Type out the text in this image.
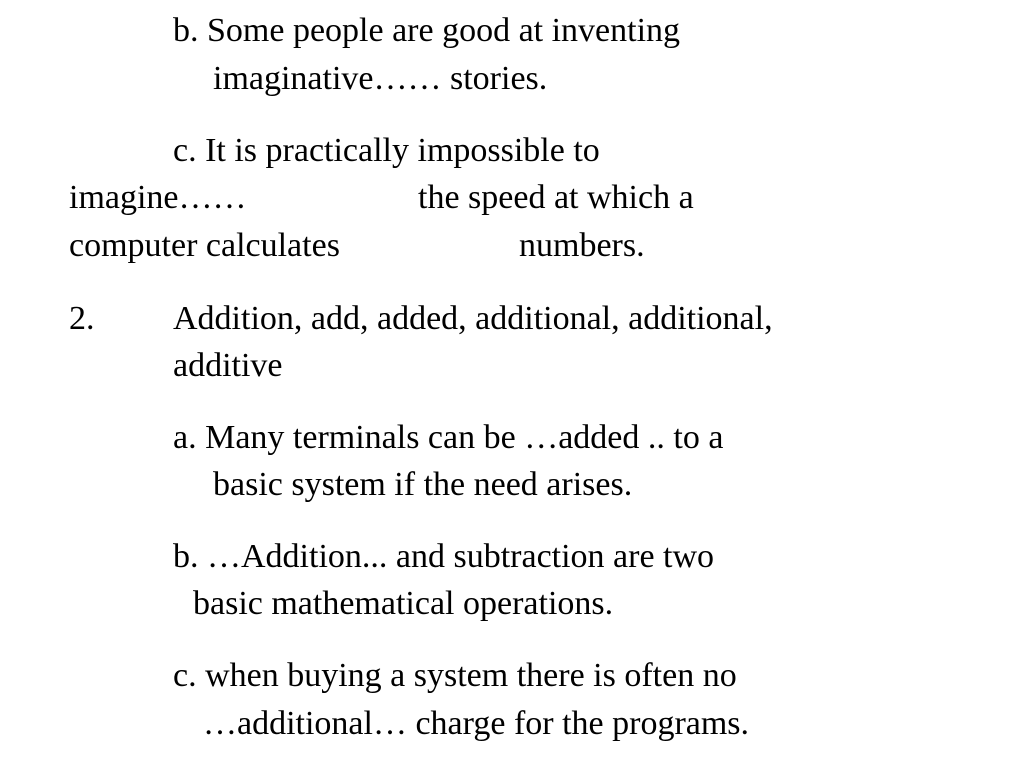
b. Some people are good at inventing

imaginative…… stories.

c. It is practically impossible to

imagine……	the speed at which a

computer calculates	numbers.

2. Addition, add, added, additional, additional,

additive

a. Many terminals can be …added .. to a

basic system if the need arises.

b. …Addition... and subtraction are two

basic mathematical operations.

c. when buying a system there is often no

…additional… charge for the programs.
